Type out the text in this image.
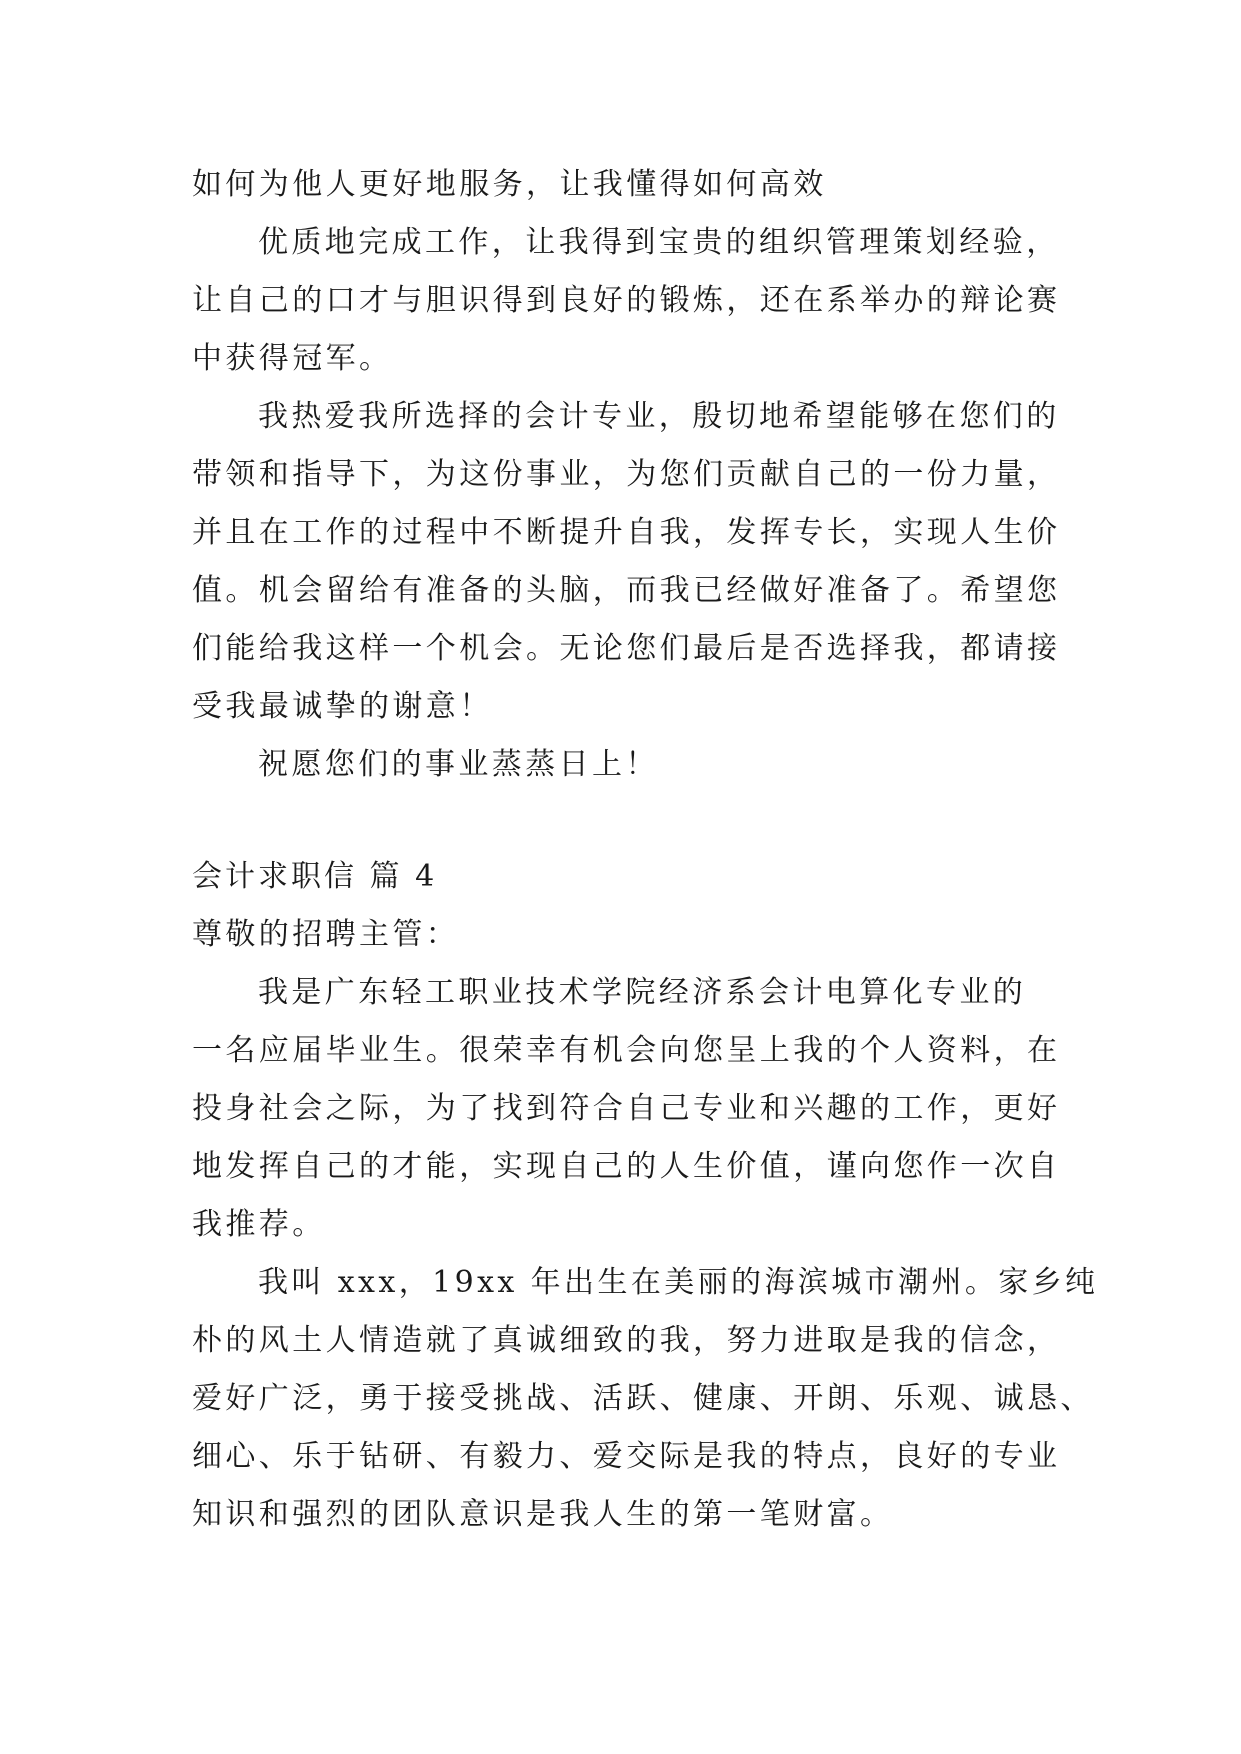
如何为他人更好地服务，让我懂得如何高效
优质地完成工作，让我得到宝贵的组织管理策划经验，
让自己的口才与胆识得到良好的锻炼，还在系举办的辩论赛
中获得冠军。
我热爱我所选择的会计专业，殷切地希望能够在您们的
带领和指导下，为这份事业，为您们贡献自己的一份力量，
并且在工作的过程中不断提升自我，发挥专长，实现人生价
值。机会留给有准备的头脑，而我已经做好准备了。希望您
们能给我这样一个机会。无论您们最后是否选择我，都请接
受我最诚挚的谢意！
祝愿您们的事业蒸蒸日上！
会计求职信 篇 4
尊敬的招聘主管：
我是广东轻工职业技术学院经济系会计电算化专业的
一名应届毕业生。很荣幸有机会向您呈上我的个人资料，在
投身社会之际，为了找到符合自己专业和兴趣的工作，更好
地发挥自己的才能，实现自己的人生价值，谨向您作一次自
我推荐。
我叫 xxx，19xx 年出生在美丽的海滨城市潮州。家乡纯
朴的风土人情造就了真诚细致的我，努力进取是我的信念，
爱好广泛，勇于接受挑战、活跃、健康、开朗、乐观、诚恳、
细心、乐于钻研、有毅力、爱交际是我的特点，良好的专业
知识和强烈的团队意识是我人生的第一笔财富。
